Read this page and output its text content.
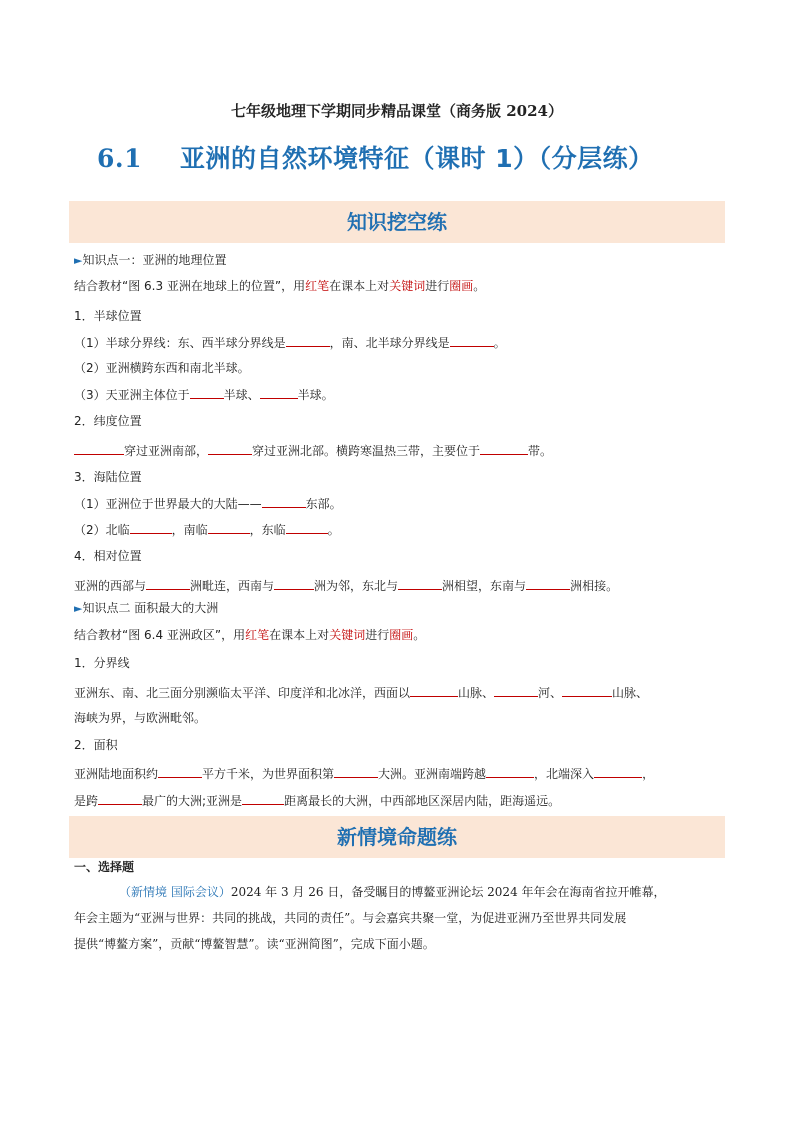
七年级地理下学期同步精品课堂（商务版 2024）
6.1 亚洲的自然环境特征（课时 1）（分层练）
知识挖空练
►知识点一：亚洲的地理位置
结合教材“图 6.3 亚洲在地球上的位置”，用红笔在课本上对关键词进行圈画。
1．半球位置
（1）半球分界线：东、西半球分界线是	，南、北半球分界线是	。
（2）亚洲横跨东西和南北半球。
（3）天亚洲主体位于	半球、	半球。
2．纬度位置
穿过亚洲南部，	穿过亚洲北部。横跨寒温热三带，主要位于	带。
3．海陆位置
（1）亚洲位于世界最大的大陆——	东部。
（2）北临	，南临	，东临	。
4．相对位置
亚洲的西部与	洲毗连，西南与	洲为邻，东北与	洲相望，东南与	洲相接。
►知识点二 面积最大的大洲
结合教材“图 6.4 亚洲政区”，用红笔在课本上对关键词进行圈画。
1．分界线
亚洲东、南、北三面分别濒临太平洋、印度洋和北冰洋，西面以	山脉、	河、	山脉、
海峡为界，与欧洲毗邻。
2．面积
亚洲陆地面积约	平方千米，为世界面积第	大洲。亚洲南端跨越	，北端深入	，
是跨	最广的大洲;亚洲是	距离最长的大洲，中西部地区深居内陆，距海遥远。
新情境命题练
一、选择题
（新情境 国际会议）2024 年 3 月 26 日，备受瞩目的博鳌亚洲论坛 2024 年年会在海南省拉开帷幕，
年会主题为“亚洲与世界：共同的挑战，共同的责任”。与会嘉宾共聚一堂，为促进亚洲乃至世界共同发展
提供“博鳌方案”，贡献“博鳌智慧”。读“亚洲简图”，完成下面小题。
